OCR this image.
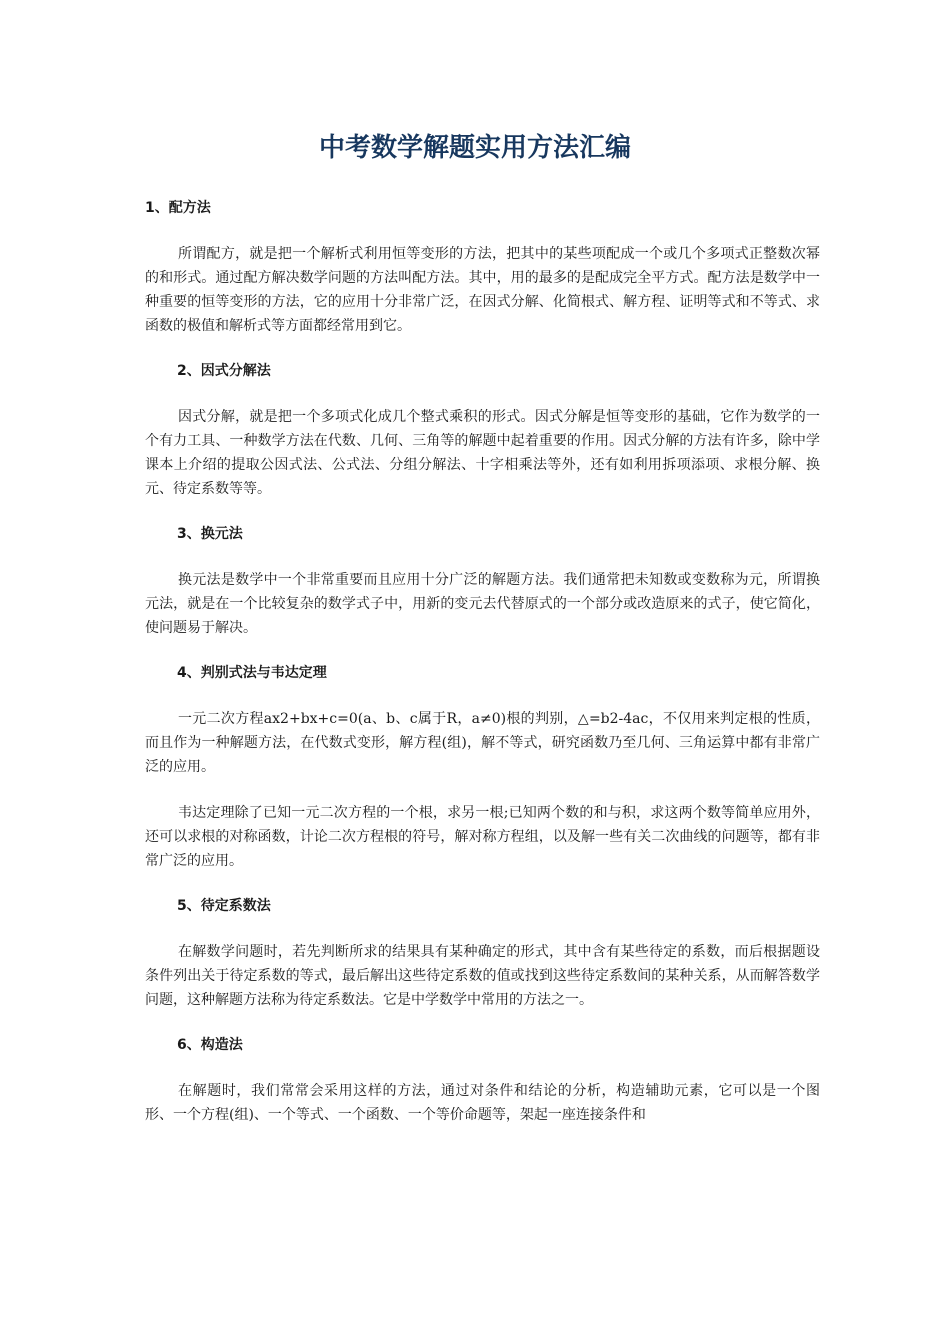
中考数学解题实用方法汇编

1、配方法

所谓配方，就是把一个解析式利用恒等变形的方法，把其中的某些项配成一个或几个多项式正整数次幂的和形式。通过配方解决数学问题的方法叫配方法。其中，用的最多的是配成完全平方式。配方法是数学中一种重要的恒等变形的方法，它的应用十分非常广泛，在因式分解、化简根式、解方程、证明等式和不等式、求函数的极值和解析式等方面都经常用到它。

2、因式分解法

因式分解，就是把一个多项式化成几个整式乘积的形式。因式分解是恒等变形的基础，它作为数学的一个有力工具、一种数学方法在代数、几何、三角等的解题中起着重要的作用。因式分解的方法有许多，除中学课本上介绍的提取公因式法、公式法、分组分解法、十字相乘法等外，还有如利用拆项添项、求根分解、换元、待定系数等等。

3、换元法

换元法是数学中一个非常重要而且应用十分广泛的解题方法。我们通常把未知数或变数称为元，所谓换元法，就是在一个比较复杂的数学式子中，用新的变元去代替原式的一个部分或改造原来的式子，使它简化，使问题易于解决。

4、判别式法与韦达定理

一元二次方程ax2+bx+c=0(a、b、c属于R，a≠0)根的判别，△=b2-4ac，不仅用来判定根的性质，而且作为一种解题方法，在代数式变形，解方程(组)，解不等式，研究函数乃至几何、三角运算中都有非常广泛的应用。

韦达定理除了已知一元二次方程的一个根，求另一根;已知两个数的和与积，求这两个数等简单应用外，还可以求根的对称函数，计论二次方程根的符号，解对称方程组，以及解一些有关二次曲线的问题等，都有非常广泛的应用。

5、待定系数法

在解数学问题时，若先判断所求的结果具有某种确定的形式，其中含有某些待定的系数，而后根据题设条件列出关于待定系数的等式，最后解出这些待定系数的值或找到这些待定系数间的某种关系，从而解答数学问题，这种解题方法称为待定系数法。它是中学数学中常用的方法之一。

6、构造法

在解题时，我们常常会采用这样的方法，通过对条件和结论的分析，构造辅助元素，它可以是一个图形、一个方程(组)、一个等式、一个函数、一个等价命题等，架起一座连接条件和
